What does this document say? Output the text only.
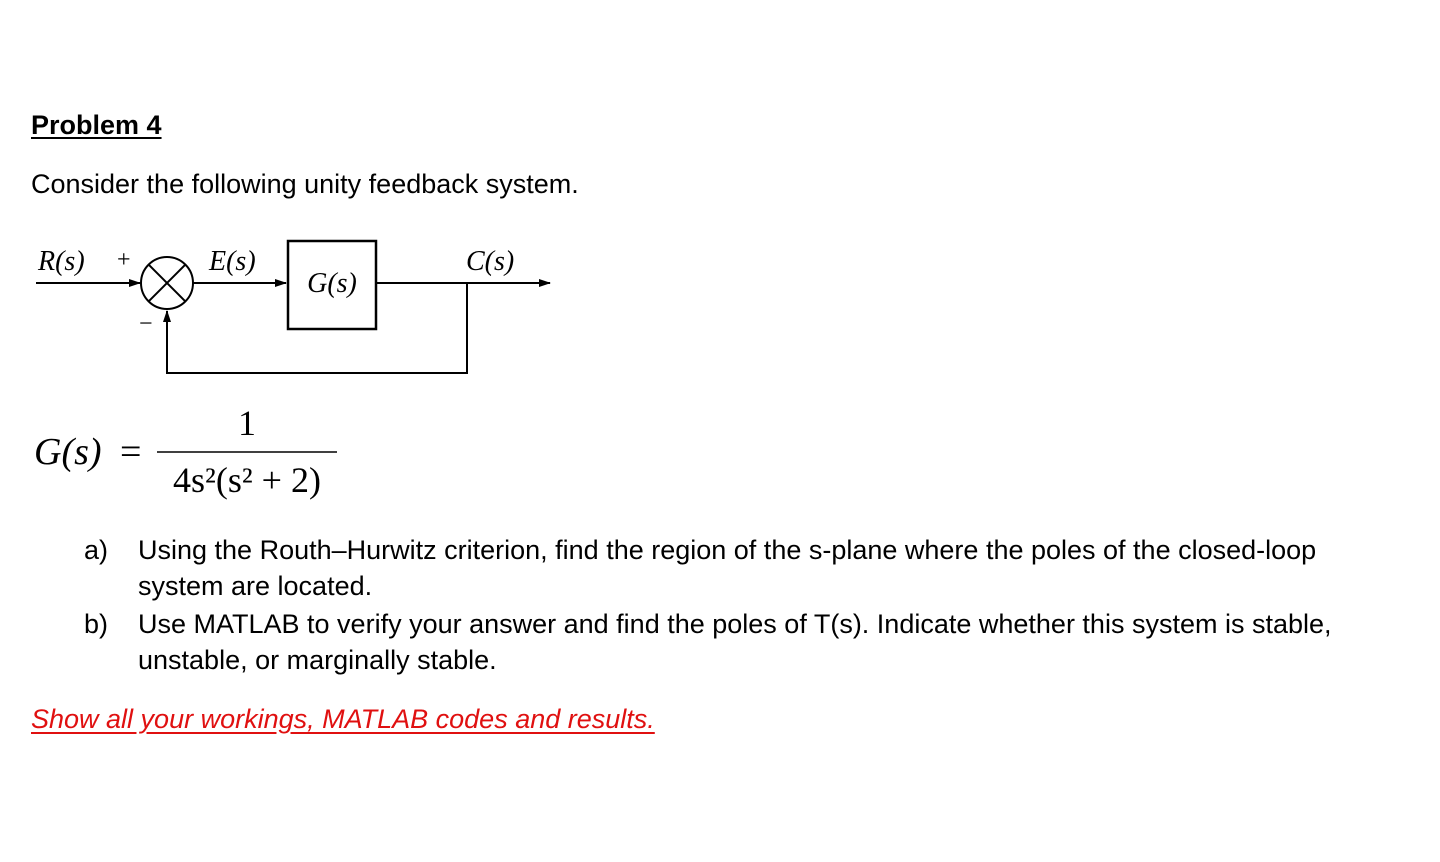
Problem 4
Consider the following unity feedback system.
R(s) +
−
E(s)
G(s)
C(s)
G(s) =
1
4s²(s² + 2)
a)	Using the Routh–Hurwitz criterion, find the region of the s-plane where the poles of the closed-loop system are located.
b)	Use MATLAB to verify your answer and find the poles of T(s). Indicate whether this system is stable, unstable, or marginally stable.
Show all your workings, MATLAB codes and results.
